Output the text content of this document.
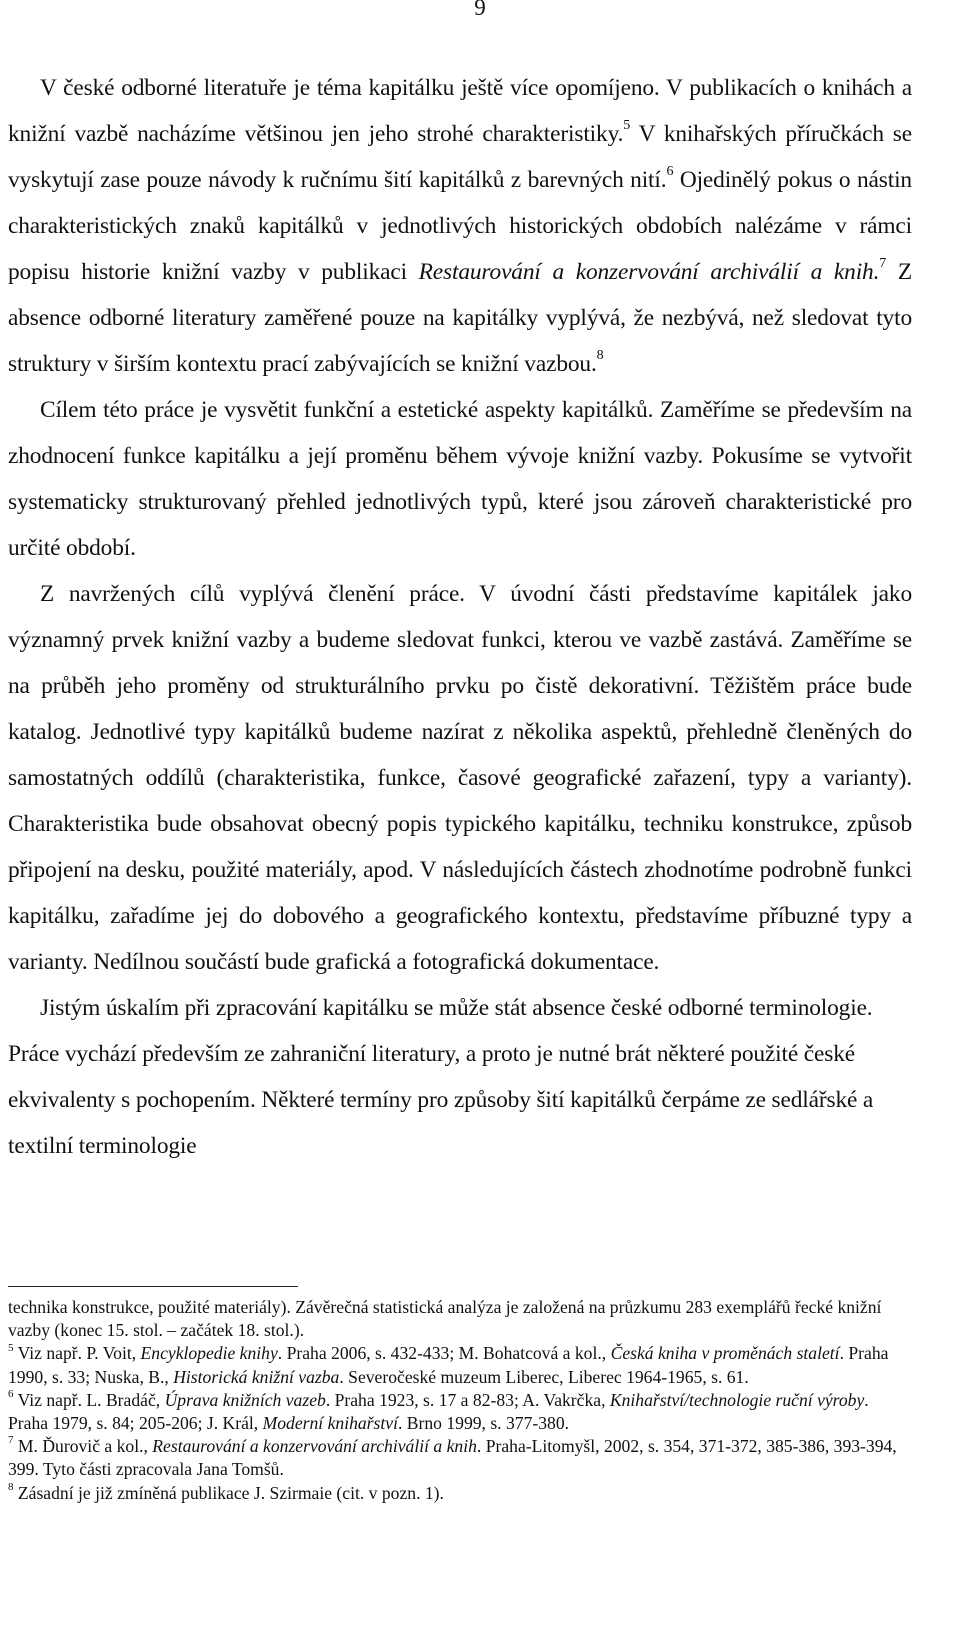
9

V české odborné literatuře je téma kapitálku ještě více opomíjeno. V publikacích o knihách a knižní vazbě nacházíme většinou jen jeho strohé charakteristiky.$^5$ V knihařských příručkách se vyskytují zase pouze návody k ručnímu šití kapitálků z barevných nití.$^6$ Ojedinělý pokus o nástin charakteristických znaků kapitálků v jednotlivých historických obdobích nalézáme v rámci popisu historie knižní vazby v publikaci Restaurování a konzervování archiválií a knih.$^7$ Z absence odborné literatury zaměřené pouze na kapitálky vyplývá, že nezbývá, než sledovat tyto struktury v širším kontextu prací zabývajících se knižní vazbou.$^8$

Cílem této práce je vysvětit funkční a estetické aspekty kapitálků. Zaměříme se především na zhodnocení funkce kapitálku a její proměnu během vývoje knižní vazby. Pokusíme se vytvořit systematicky strukturovaný přehled jednotlivých typů, které jsou zároveň charakteristické pro určité období.

Z navržených cílů vyplývá členění práce. V úvodní části představíme kapitálek jako významný prvek knižní vazby a budeme sledovat funkci, kterou ve vazbě zastává. Zaměříme se na průběh jeho proměny od strukturálního prvku po čistě dekorativní. Těžištěm práce bude katalog. Jednotlivé typy kapitálků budeme nazírat z několika aspektů, přehledně členěných do samostatných oddílů (charakteristika, funkce, časové geografické zařazení, typy a varianty). Charakteristika bude obsahovat obecný popis typického kapitálku, techniku konstrukce, způsob připojení na desku, použité materiály, apod. V následujících částech zhodnotíme podrobně funkci kapitálku, zařadíme jej do dobového a geografického kontextu, představíme příbuzné typy a varianty. Nedílnou součástí bude grafická a fotografická dokumentace.

Jistým úskalím při zpracování kapitálku se může stát absence české odborné terminologie. Práce vychází především ze zahraniční literatury, a proto je nutné brát některé použité české ekvivalenty s pochopením. Některé termíny pro způsoby šití kapitálků čerpáme ze sedlářské a textilní terminologie

technika konstrukce, použité materiály). Závěrečná statistická analýza je založená na průzkumu 283 exemplářů řecké knižní vazby (konec 15. stol. – začátek 18. stol.).

$^5$ Viz např. P. Voit, Encyklopedie knihy. Praha 2006, s. 432-433; M. Bohatcová a kol., Česká kniha v proměnách staletí. Praha 1990, s. 33; Nuska, B., Historická knižní vazba. Severočeské muzeum Liberec, Liberec 1964-1965, s. 61.

$^6$ Viz např. L. Bradáč, Úprava knižních vazeb. Praha 1923, s. 17 a 82-83; A. Vakrčka, Knihařství/technologie ruční výroby. Praha 1979, s. 84; 205-206; J. Král, Moderní knihařství. Brno 1999, s. 377-380.

$^7$ M. Ďurovič a kol., Restaurování a konzervování archiválií a knih. Praha-Litomyšl, 2002, s. 354, 371-372, 385-386, 393-394, 399. Tyto části zpracovala Jana Tomšů.

$^8$ Zásadní je již zmíněná publikace J. Szirmaie (cit. v pozn. 1).
